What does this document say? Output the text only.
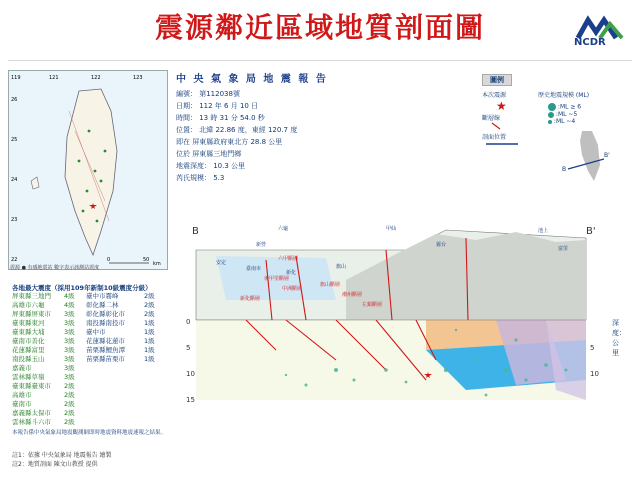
震源鄰近區域地質剖面圖	NCDR
119	121	122	123
26
25
24
23
22	0	50
km
震源 ● 有感地震站 數字表示該測站震度
中 央 氣 象 局 地 震 報 告
編號： 第112038號
日期： 112 年 6 月 10 日
時間： 13 時 31 分 54.0 秒
位置： 北緯 22.86 度，東經 120.7 度
即在 屏東縣政府東北方 28.8 公里
位於 屏東縣三地門鄉
地震深度： 10.3 公里
芮氏規模： 5.3
圖例
本次震源
★
斷層線
剖面位置
歷史地震規模 (ML)
:ML ≥ 6
:ML ~5
:ML ~4
B
B'
B	B'
0
5
10
15
5
10
新營
安定
臺南市
新化
旗山
甲仙
六龜
霧台
池上
富里
後甲里斷層
中洲斷層
旗山斷層
潮州斷層
六甲斷層
新化斷層
左鎮斷層
深度：公里
各地最大震度（採用109年新制10級震度分級）
屏東縣三地門	4級	臺中市霧峰	2級
高雄市六龜	4級	彰化縣二林	2級
屏東縣屏東市	3級	彰化縣彰化市	2級
臺東縣東河	3級	南投縣南投市	1級
臺東縣大埔	3級	臺中市	1級
臺南市善化	3級	花蓮縣花蓮市	1級
花蓮縣富里	3級	苗栗縣鯉魚潭	1級
南投縣玉山	3級	苗栗縣苗栗市	1級
嘉義市	3級
雲林縣草嶺	3級
臺東縣臺東市	2級
高雄市	2級
臺南市	2級
嘉義縣太保市	2級
雲林縣斗六市	2級
本報告係中央氣象局地震觀測網即時地震資料地震速報之結果。
註1：依據 中央氣象局 地震報告 繪製
註2：地質剖面 陳文山教授 提供
